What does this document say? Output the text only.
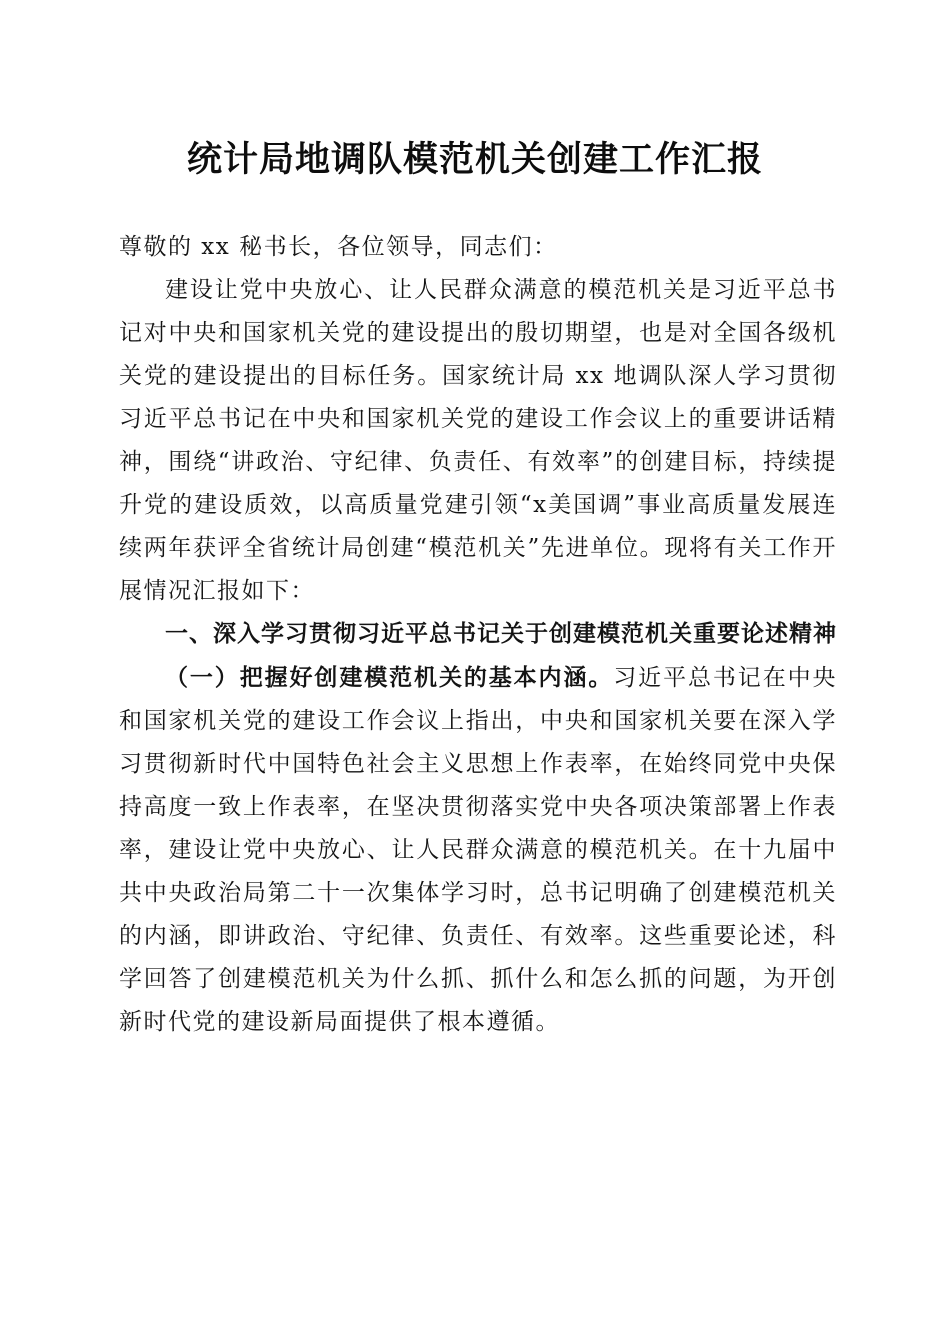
统计局地调队模范机关创建工作汇报

尊敬的 xx 秘书长，各位领导，同志们：

建设让党中央放心、让人民群众满意的模范机关是习近平总书记对中央和国家机关党的建设提出的殷切期望，也是对全国各级机关党的建设提出的目标任务。国家统计局 xx 地调队深人学习贯彻习近平总书记在中央和国家机关党的建设工作会议上的重要讲话精神，围绕“讲政治、守纪律、负责任、有效率”的创建目标，持续提升党的建设质效，以高质量党建引领“x美国调”事业高质量发展连续两年获评全省统计局创建“模范机关”先进单位。现将有关工作开展情况汇报如下：

一、深入学习贯彻习近平总书记关于创建模范机关重要论述精神

（一）把握好创建模范机关的基本内涵。习近平总书记在中央和国家机关党的建设工作会议上指出，中央和国家机关要在深入学习贯彻新时代中国特色社会主义思想上作表率，在始终同党中央保持高度一致上作表率，在坚决贯彻落实党中央各项决策部署上作表率，建设让党中央放心、让人民群众满意的模范机关。在十九届中共中央政治局第二十一次集体学习时，总书记明确了创建模范机关的内涵，即讲政治、守纪律、负责任、有效率。这些重要论述，科学回答了创建模范机关为什么抓、抓什么和怎么抓的问题，为开创新时代党的建设新局面提供了根本遵循。
